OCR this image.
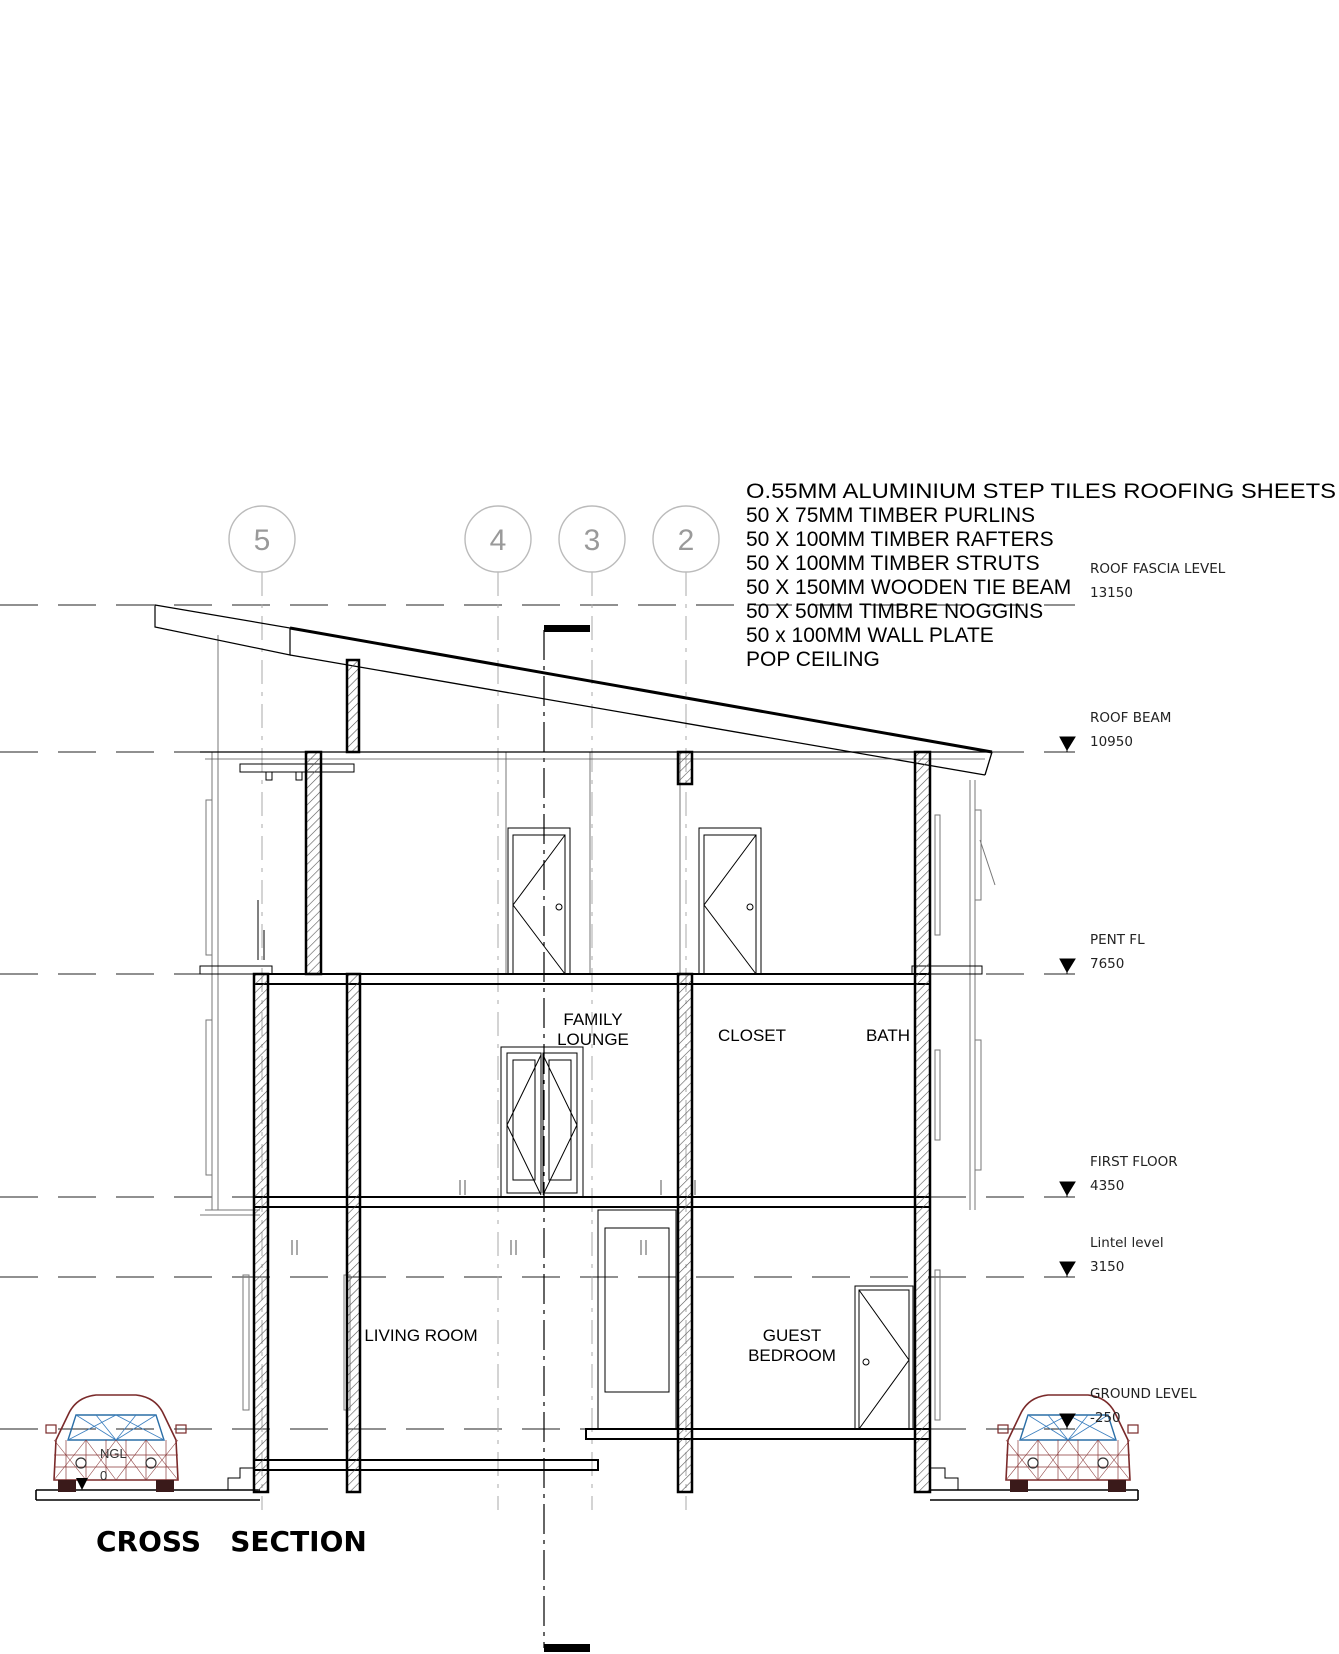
5	4	3	2
NGL
0
ROOF FASCIA LEVEL
13150
ROOF BEAM
10950
PENT FL
7650
FIRST FLOOR
4350
Lintel level
3150
GROUND LEVEL
-250
O.55MM ALUMINIUM STEP TILES ROOFING SHEETS
50 X 75MM TIMBER PURLINS
50 X 100MM TIMBER RAFTERS
50 X 100MM TIMBER STRUTS
50 X 150MM WOODEN TIE BEAM
50 X 50MM TIMBRE NOGGINS
50 x 100MM WALL PLATE
POP CEILING
FAMILY
LOUNGE	CLOSET	BATH
LIVING ROOM	GUEST
BEDROOM
CROSS   SECTION
